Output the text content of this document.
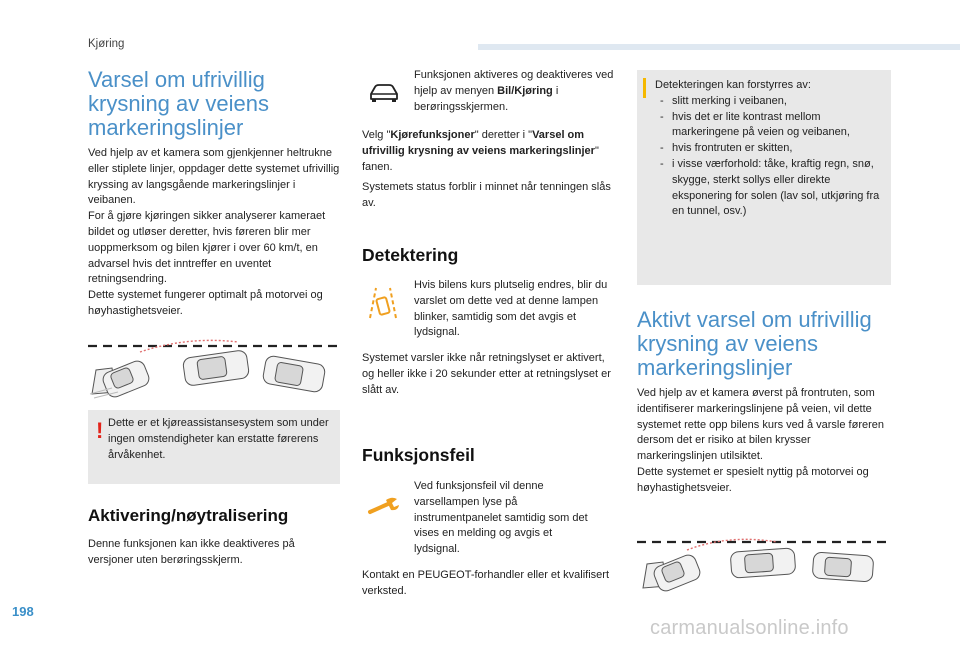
Kjøring
Varsel om ufrivillig krysning av veiens markeringslinjer

Ved hjelp av et kamera som gjenkjenner heltrukne eller stiplete linjer, oppdager dette systemet ufrivillig kryssing av langsgående markeringslinjer i veibanen.

For å gjøre kjøringen sikker analyserer kameraet bildet og utløser deretter, hvis føreren blir mer uoppmerksom og bilen kjører i over 60 km/t, en advarsel hvis det inntreffer en uventet retningsendring.

Dette systemet fungerer optimalt på motorvei og høyhastighetsveier.

! Dette er et kjøreassistansesystem som under ingen omstendigheter kan erstatte førerens årvåkenhet.
Aktivering/nøytralisering
Denne funksjonen kan ikke deaktiveres på versjoner uten berøringsskjerm.
Funksjonen aktiveres og deaktiveres ved hjelp av menyen Bil/Kjøring i berøringsskjermen.
Velg "Kjørefunksjoner" deretter i "Varsel om ufrivillig krysning av veiens markeringslinjer" fanen.
Systemets status forblir i minnet når tenningen slås av.
Detektering
Hvis bilens kurs plutselig endres, blir du varslet om dette ved at denne lampen blinker, samtidig som det avgis et lydsignal.
Systemet varsler ikke når retningslyset er aktivert, og heller ikke i 20 sekunder etter at retningslyset er slått av.
Funksjonsfeil
Ved funksjonsfeil vil denne varsellampen lyse på instrumentpanelet samtidig som det vises en melding og avgis et lydsignal.
Kontakt en PEUGEOT-forhandler eller et kvalifisert verksted.

Detekteringen kan forstyrres av:

- slitt merking i veibanen,
- hvis det er lite kontrast mellom markeringene på veien og veibanen,
- hvis frontruten er skitten,
- i visse værforhold: tåke, kraftig regn, snø, skygge, sterkt sollys eller direkte eksponering for solen (lav sol, utkjøring fra en tunnel, osv.)
Aktivt varsel om ufrivillig krysning av veiens markeringslinjer

Ved hjelp av et kamera øverst på frontruten, som identifiserer markeringslinjene på veien, vil dette systemet rette opp bilens kurs ved å varsle føreren dersom det er risiko at bilen krysser markeringslinjen utilsiktet.

Dette systemet er spesielt nyttig på motorvei og høyhastighetsveier.

198
carmanualsonline.info
